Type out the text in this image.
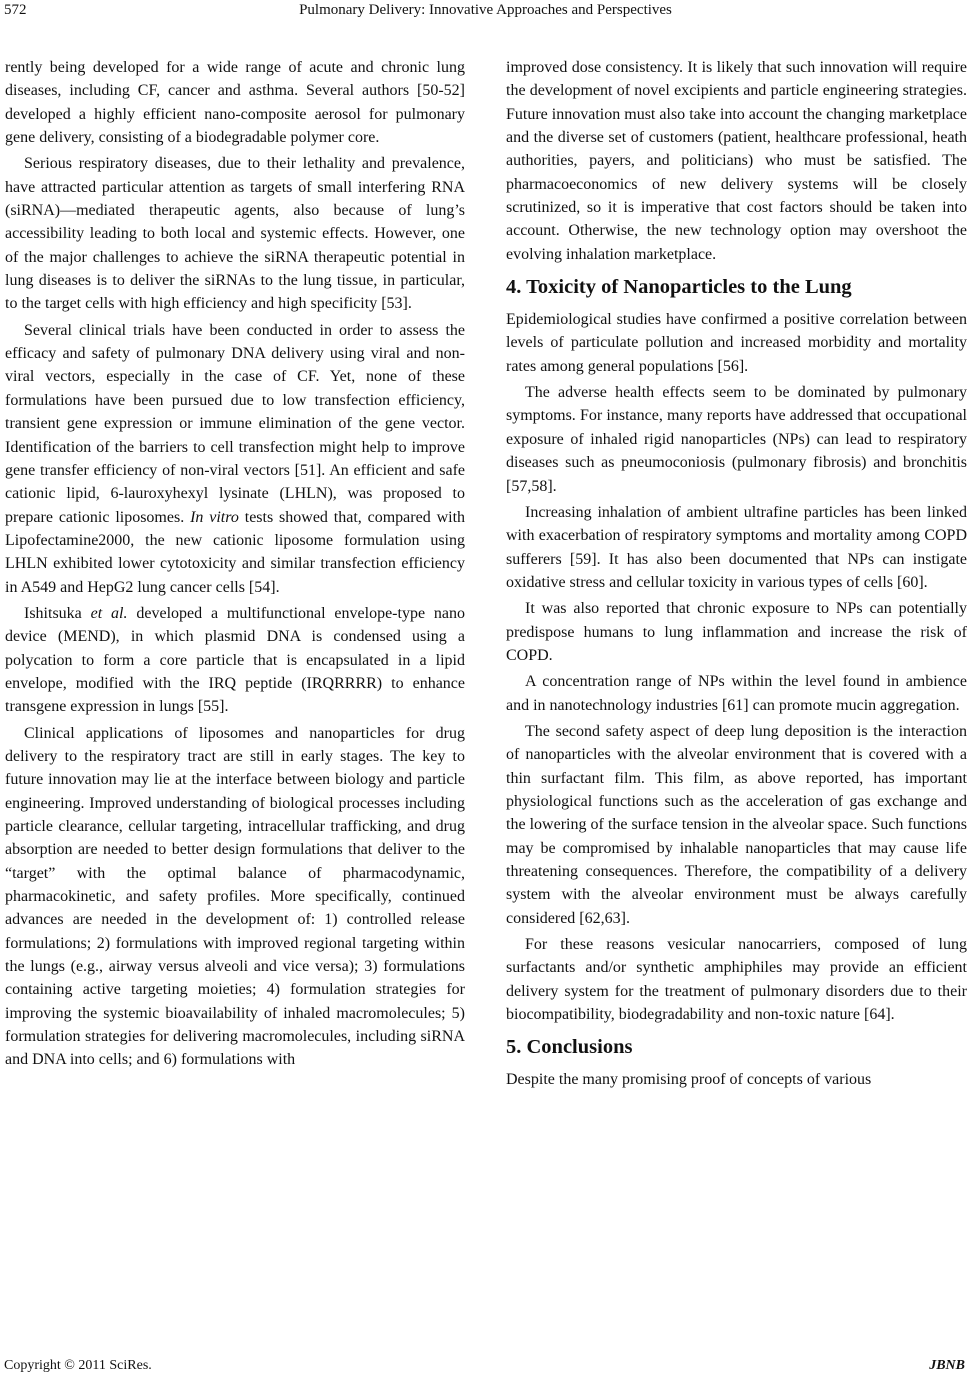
572	Pulmonary Delivery: Innovative Approaches and Perspectives

rently being developed for a wide range of acute and chronic lung diseases, including CF, cancer and asthma. Several authors [50-52] developed a highly efficient nano-composite aerosol for pulmonary gene delivery, consisting of a biodegradable polymer core.

Serious respiratory diseases, due to their lethality and prevalence, have attracted particular attention as targets of small interfering RNA (siRNA)—mediated therapeutic agents, also because of lung’s accessibility leading to both local and systemic effects. However, one of the major challenges to achieve the siRNA therapeutic potential in lung diseases is to deliver the siRNAs to the lung tissue, in particular, to the target cells with high efficiency and high specificity [53].

Several clinical trials have been conducted in order to assess the efficacy and safety of pulmonary DNA delivery using viral and non-viral vectors, especially in the case of CF. Yet, none of these formulations have been pursued due to low transfection efficiency, transient gene expression or immune elimination of the gene vector. Identification of the barriers to cell transfection might help to improve gene transfer efficiency of non-viral vectors [51]. An efficient and safe cationic lipid, 6-lauroxyhexyl lysinate (LHLN), was proposed to prepare cationic liposomes. In vitro tests showed that, compared with Lipofectamine2000, the new cationic liposome formulation using LHLN exhibited lower cytotoxicity and similar transfection efficiency in A549 and HepG2 lung cancer cells [54].

Ishitsuka et al. developed a multifunctional envelope-type nano device (MEND), in which plasmid DNA is condensed using a polycation to form a core particle that is encapsulated in a lipid envelope, modified with the IRQ peptide (IRQRRRR) to enhance transgene expression in lungs [55].

Clinical applications of liposomes and nanoparticles for drug delivery to the respiratory tract are still in early stages. The key to future innovation may lie at the interface between biology and particle engineering. Improved understanding of biological processes including particle clearance, cellular targeting, intracellular trafficking, and drug absorption are needed to better design formulations that deliver to the “target” with the optimal balance of pharmacodynamic, pharmacokinetic, and safety profiles. More specifically, continued advances are needed in the development of: 1) controlled release formulations; 2) formulations with improved regional targeting within the lungs (e.g., airway versus alveoli and vice versa); 3) formulations containing active targeting moieties; 4) formulation strategies for improving the systemic bioavailability of inhaled macromolecules; 5) formulation strategies for delivering macromolecules, including siRNA and DNA into cells; and 6) formulations with

improved dose consistency. It is likely that such innovation will require the development of novel excipients and particle engineering strategies. Future innovation must also take into account the changing marketplace and the diverse set of customers (patient, healthcare professional, heath authorities, payers, and politicians) who must be satisfied. The pharmacoeconomics of new delivery systems will be closely scrutinized, so it is imperative that cost factors should be taken into account. Otherwise, the new technology option may overshoot the evolving inhalation marketplace.

4. Toxicity of Nanoparticles to the Lung

Epidemiological studies have confirmed a positive correlation between levels of particulate pollution and increased morbidity and mortality rates among general populations [56].

The adverse health effects seem to be dominated by pulmonary symptoms. For instance, many reports have addressed that occupational exposure of inhaled rigid nanoparticles (NPs) can lead to respiratory diseases such as pneumoconiosis (pulmonary fibrosis) and bronchitis [57,58].

Increasing inhalation of ambient ultrafine particles has been linked with exacerbation of respiratory symptoms and mortality among COPD sufferers [59]. It has also been documented that NPs can instigate oxidative stress and cellular toxicity in various types of cells [60].

It was also reported that chronic exposure to NPs can potentially predispose humans to lung inflammation and increase the risk of COPD.

A concentration range of NPs within the level found in ambience and in nanotechnology industries [61] can promote mucin aggregation.

The second safety aspect of deep lung deposition is the interaction of nanoparticles with the alveolar environment that is covered with a thin surfactant film. This film, as above reported, has important physiological functions such as the acceleration of gas exchange and the lowering of the surface tension in the alveolar space. Such functions may be compromised by inhalable nanoparticles that may cause life threatening consequences. Therefore, the compatibility of a delivery system with the alveolar environment must be always carefully considered [62,63].

For these reasons vesicular nanocarriers, composed of lung surfactants and/or synthetic amphiphiles may provide an efficient delivery system for the treatment of pulmonary disorders due to their biocompatibility, biodegradability and non-toxic nature [64].

5. Conclusions

Despite the many promising proof of concepts of various

Copyright © 2011 SciRes.	JBNB
